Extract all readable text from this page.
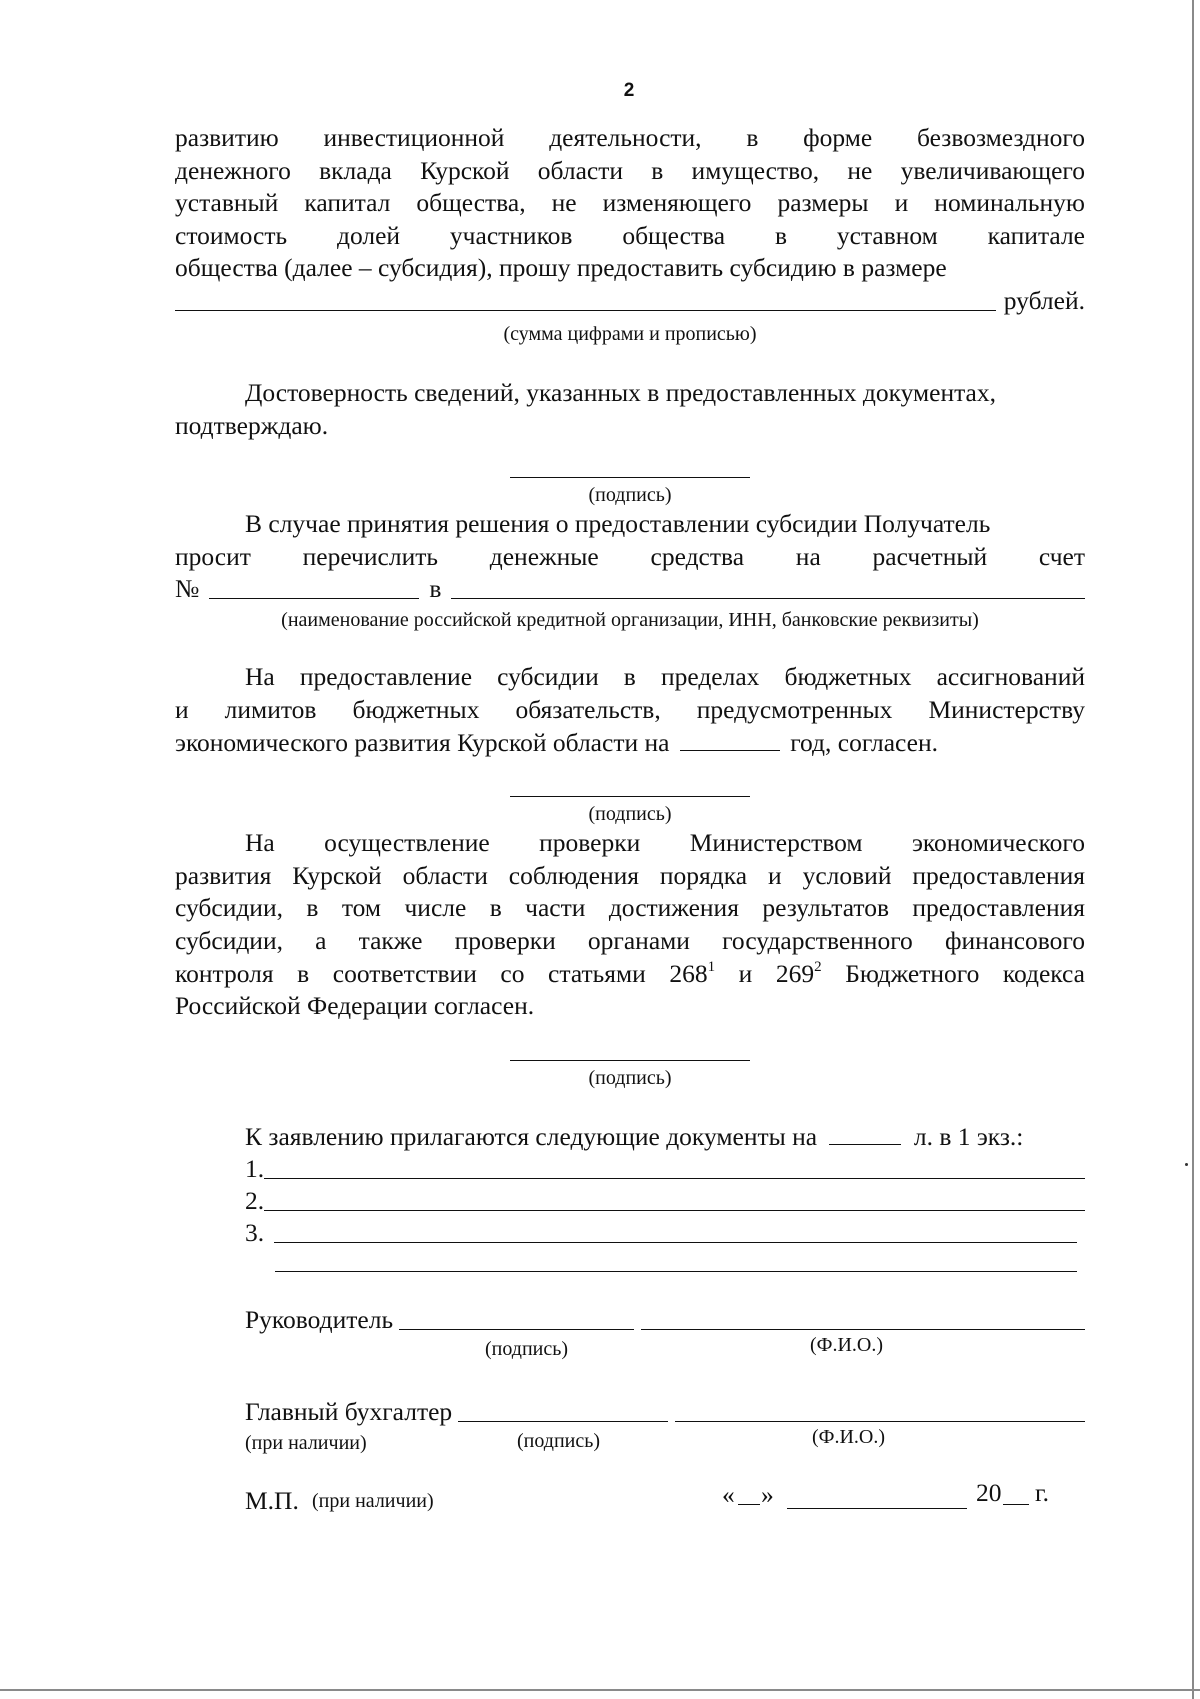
2

развитию инвестиционной деятельности, в форме безвозмездного

денежного вклада Курской области в имущество, не увеличивающего

уставный капитал общества, не изменяющего размеры и номинальную

стоимость долей участников общества в уставном капитале

общества (далее – субсидия), прошу предоставить субсидию в размере

рублей.

(сумма цифрами и прописью)

Достоверность сведений, указанных в предоставленных документах,

подтверждаю.

(подпись)

В случае принятия решения о предоставлении субсидии Получатель

просит перечислить денежные средства на расчетный счет

№	в

(наименование российской кредитной организации, ИНН, банковские реквизиты)

На предоставление субсидии в пределах бюджетных ассигнований

и лимитов бюджетных обязательств, предусмотренных Министерству

экономического развития Курской области на	год, согласен.

(подпись)

На осуществление проверки Министерством экономического

развития Курской области соблюдения порядка и условий предоставления

субсидии, в том числе в части достижения результатов предоставления

субсидии, а также проверки органами государственного финансового

контроля в соответствии со статьями $268^1$ и $269^2$ Бюджетного кодекса

Российской Федерации согласен.

(подпись)

К заявлению прилагаются следующие документы на	л. в 1 экз.:

1.
2.
3.
Руководитель
(подпись)	(Ф.И.О.)
Главный бухгалтер
(при наличии)	(подпись)	(Ф.И.О.)
М.П. (при наличии)	« »	20 г.
